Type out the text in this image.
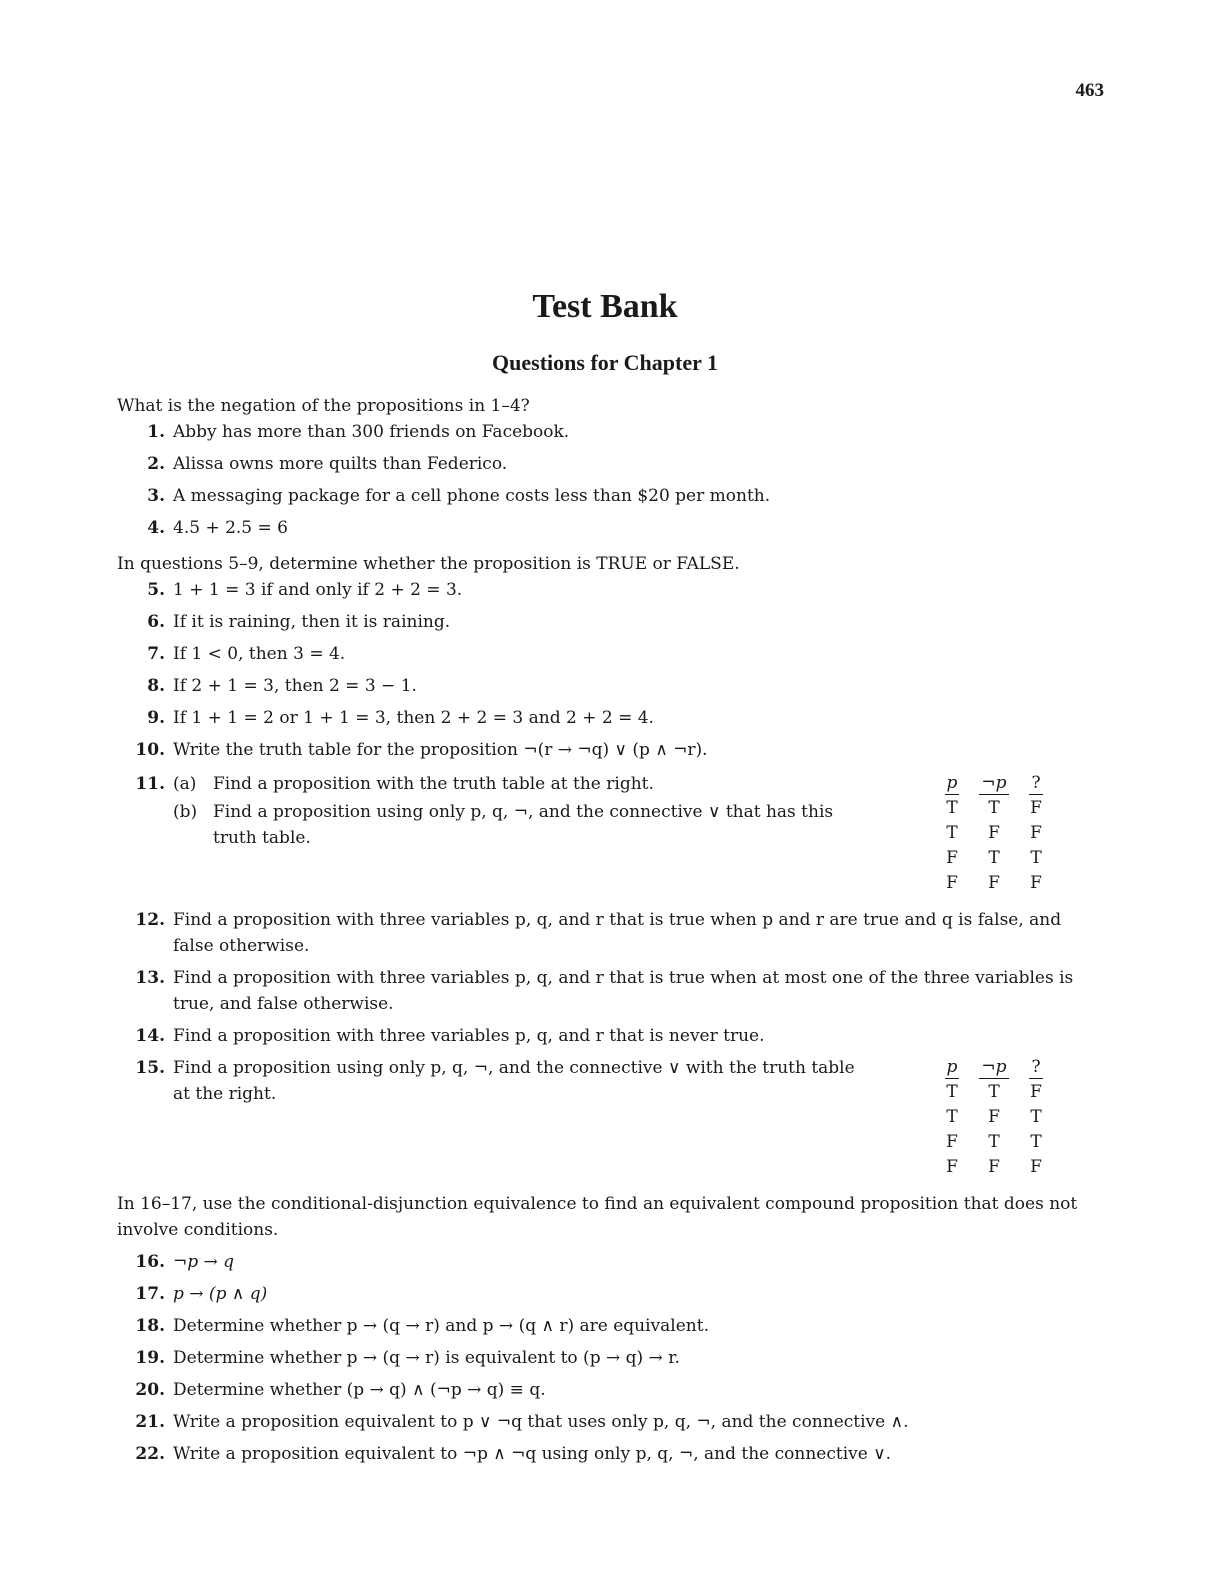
463
Test Bank
Questions for Chapter 1

What is the negation of the propositions in 1–4?

1. Abby has more than 300 friends on Facebook.
2. Alissa owns more quilts than Federico.
3. A messaging package for a cell phone costs less than $20 per month.
4. 4.5 + 2.5 = 6

In questions 5–9, determine whether the proposition is TRUE or FALSE.

5. 1 + 1 = 3 if and only if 2 + 2 = 3.
6. If it is raining, then it is raining.
7. If 1 < 0, then 3 = 4.
8. If 2 + 1 = 3, then 2 = 3 − 1.
9. If 1 + 1 = 2 or 1 + 1 = 3, then 2 + 2 = 3 and 2 + 2 = 4.
10. Write the truth table for the proposition ¬(r → ¬q) ∨ (p ∧ ¬r).
11. (a) Find a proposition with the truth table at the right.
(b) Find a proposition using only p, q, ¬, and the connective ∨ that has this truth table.
p	¬p	?
T	T	F
T	F	F
F	T	T
F	F	F
12. Find a proposition with three variables p, q, and r that is true when p and r are true and q is false, and false otherwise.
13. Find a proposition with three variables p, q, and r that is true when at most one of the three variables is true, and false otherwise.
14. Find a proposition with three variables p, q, and r that is never true.
15. Find a proposition using only p, q, ¬, and the connective ∨ with the truth table at the right.
p	¬p	?
T	T	F
T	F	T
F	T	T
F	F	F

In 16–17, use the conditional-disjunction equivalence to find an equivalent compound proposition that does not involve conditions.

16. ¬p → q
17. p → (p ∧ q)
18. Determine whether p → (q → r) and p → (q ∧ r) are equivalent.
19. Determine whether p → (q → r) is equivalent to (p → q) → r.
20. Determine whether (p → q) ∧ (¬p → q) ≡ q.
21. Write a proposition equivalent to p ∨ ¬q that uses only p, q, ¬, and the connective ∧.
22. Write a proposition equivalent to ¬p ∧ ¬q using only p, q, ¬, and the connective ∨.
